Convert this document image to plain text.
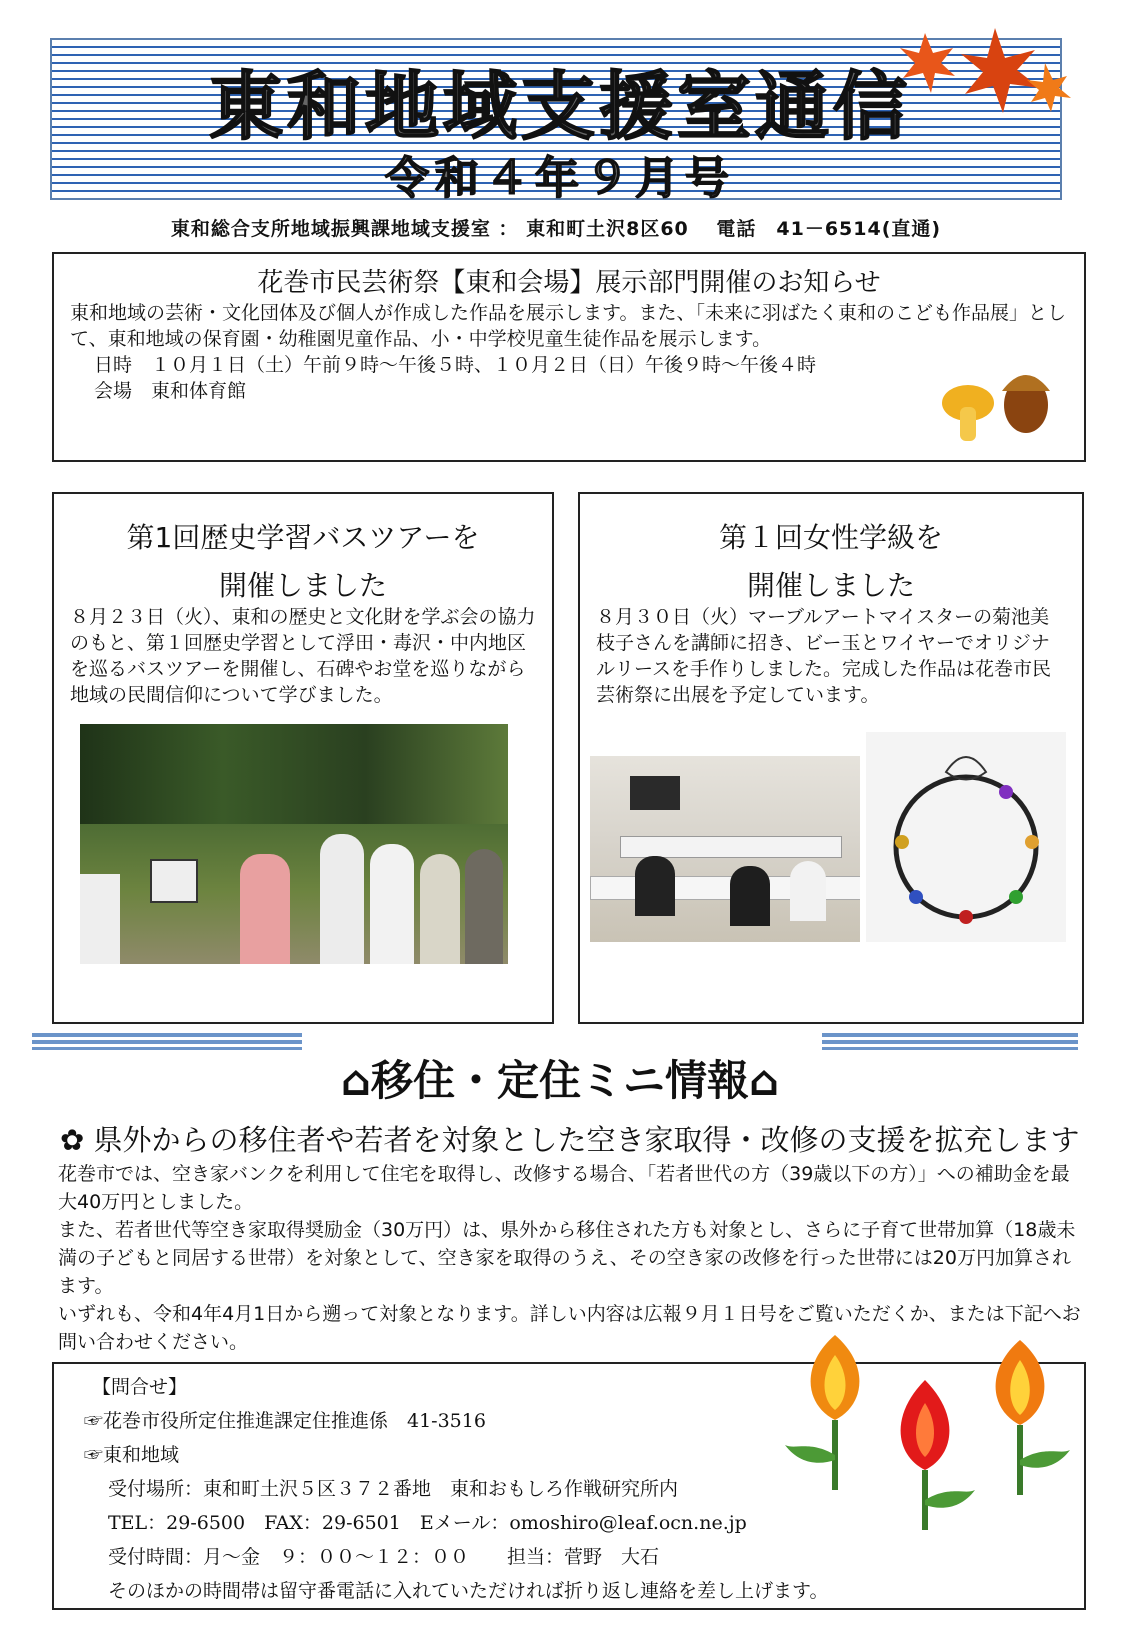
東和地域支援室通信
令和４年９月号
東和総合支所地域振興課地域支援室 ： 東和町土沢8区60　 電話　41－6514(直通)
花巻市民芸術祭【東和会場】展示部門開催のお知らせ
東和地域の芸術・文化団体及び個人が作成した作品を展示します。また、「未来に羽ばたく東和のこども作品展」として、東和地域の保育園・幼稚園児童作品、小・中学校児童生徒作品を展示します。
日時　１０月１日（土）午前９時～午後５時、１０月２日（日）午後９時～午後４時
会場　東和体育館
第1回歴史学習バスツアーを
開催しました
８月２３日（火）、東和の歴史と文化財を学ぶ会の協力のもと、第１回歴史学習として浮田・毒沢・中内地区を巡るバスツアーを開催し、石碑やお堂を巡りながら地域の民間信仰について学びました。
第１回女性学級を
開催しました
８月３０日（火）マーブルアートマイスターの菊池美枝子さんを講師に招き、ビー玉とワイヤーでオリジナルリースを手作りしました。完成した作品は花巻市民芸術祭に出展を予定しています。
⌂移住・定住ミニ情報⌂
✿ 県外からの移住者や若者を対象とした空き家取得・改修の支援を拡充します
花巻市では、空き家バンクを利用して住宅を取得し、改修する場合、「若者世代の方（39歳以下の方）」への補助金を最大40万円としました。
また、若者世代等空き家取得奨励金（30万円）は、県外から移住された方も対象とし、さらに子育て世帯加算（18歳未満の子どもと同居する世帯）を対象として、空き家を取得のうえ、その空き家の改修を行った世帯には20万円加算されます。
いずれも、令和4年4月1日から遡って対象となります。詳しい内容は広報９月１日号をご覧いただくか、または下記へお問い合わせください。
【問合せ】
☞花巻市役所定住推進課定住推進係　41-3516
☞東和地域
受付場所：東和町土沢５区３７２番地　東和おもしろ作戦研究所内
TEL：29-6500　FAX：29-6501　Eメール：omoshiro@leaf.ocn.ne.jp
受付時間：月～金　９：００～１２：００　　担当：菅野　大石
そのほかの時間帯は留守番電話に入れていただければ折り返し連絡を差し上げます。
